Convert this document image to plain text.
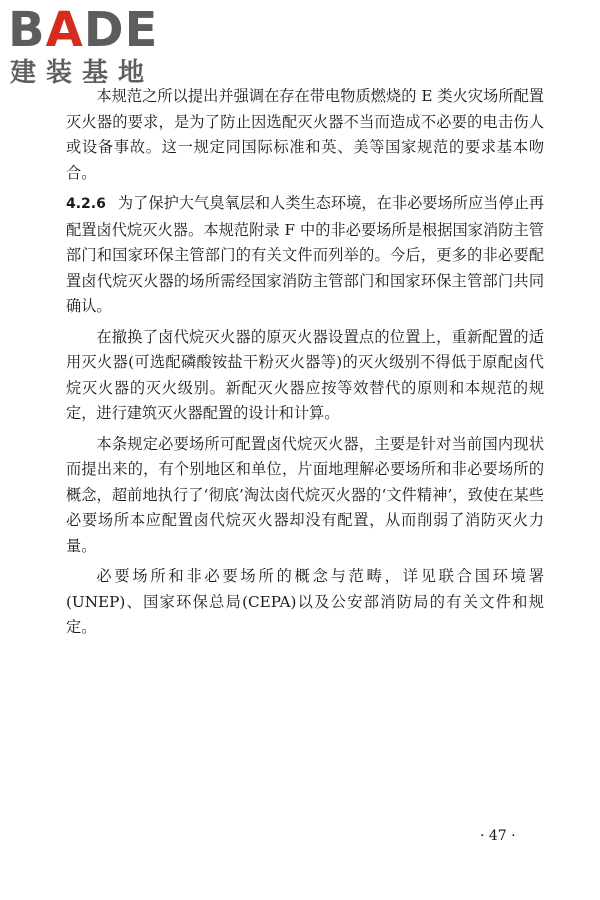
BADE
建装基地

本规范之所以提出并强调在存在带电物质燃烧的 E 类火灾场所配置灭火器的要求，是为了防止因选配灭火器不当而造成不必要的电击伤人或设备事故。这一规定同国际标准和英、美等国家规范的要求基本吻合。

4.2.6 为了保护大气臭氧层和人类生态环境，在非必要场所应当停止再配置卤代烷灭火器。本规范附录 F 中的非必要场所是根据国家消防主管部门和国家环保主管部门的有关文件而列举的。今后，更多的非必要配置卤代烷灭火器的场所需经国家消防主管部门和国家环保主管部门共同确认。

在撤换了卤代烷灭火器的原灭火器设置点的位置上，重新配置的适用灭火器(可选配磷酸铵盐干粉灭火器等)的灭火级别不得低于原配卤代烷灭火器的灭火级别。新配灭火器应按等效替代的原则和本规范的规定，进行建筑灭火器配置的设计和计算。

本条规定必要场所可配置卤代烷灭火器，主要是针对当前国内现状而提出来的，有个别地区和单位，片面地理解必要场所和非必要场所的概念，超前地执行了‘彻底’淘汰卤代烷灭火器的‘文件精神’，致使在某些必要场所本应配置卤代烷灭火器却没有配置，从而削弱了消防灭火力量。

必要场所和非必要场所的概念与范畴，详见联合国环境署(UNEP)、国家环保总局(CEPA)以及公安部消防局的有关文件和规定。

· 47 ·
